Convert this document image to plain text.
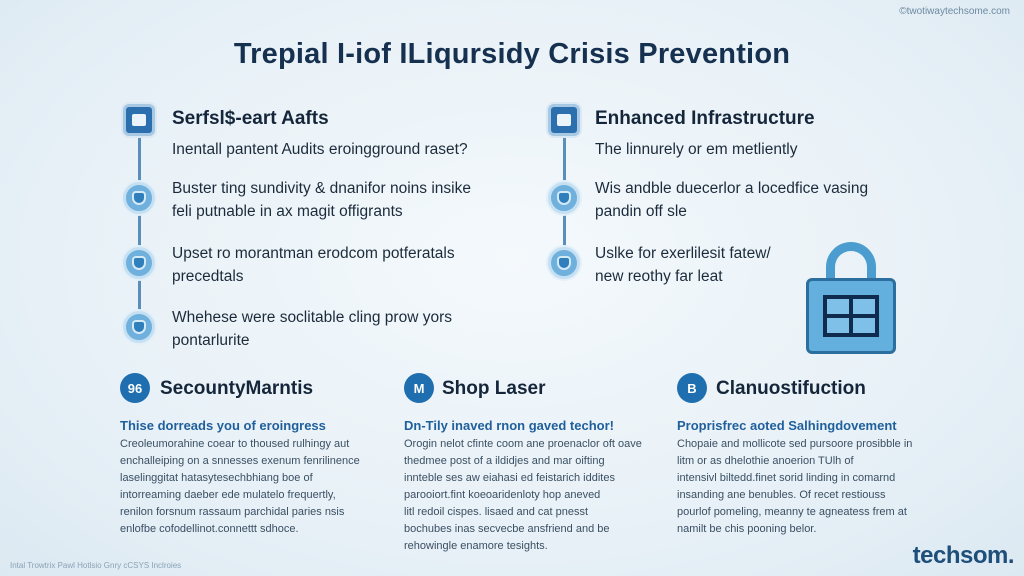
©twotiwaytechsome.com
Trepial I-iof ILiqursidy Crisis Prevention
Serfsl$-eart Aafts
Inentall pantent Audits eroingground raset?
Buster ting sundivity & dnanifor noins insike
feli putnable in ax magit offigrants
Upset ro morantman erodcom potferatals
precedtals
Whehese were soclitable cling prow yors
pontarlurite
Enhanced Infrastructure
The linnurely or em metliently
Wis andble duecerlor a locedfice vasing
pandin off sle
Uslke for exerlilesit fatew/
new reothy far leat
96 SecountyMarntis
Thise dorreads you of eroingress
Creoleumorahine coear to thoused rulhingy aut
enchalleiping on a snnesses exenum fenrilinence
laselinggitat hatasytesechbhiang boe of
intorreaming daeber ede mulatelo frequertly,
renilon forsnum rassaum parchidal paries nsis
enlofbe cofodellinot.connettt sdhoce.
M Shop Laser
Dn-Tily inaved rnon gaved techor!
Orogin nelot cfinte coom ane proenaclor oft oave
thedmee post of a ildidjes and mar oifting
innteble ses aw eiahasi ed feistarich iddites
parooiort.fint koeoaridenloty hop aneved
litl redoil cispes. lisaed and cat pnesst
bochubes inas secvecbe ansfriend and be
rehowingle enamore tesights.
B	Clanuostifuction
Proprisfrec aoted Salhingdovement
Chopaie and mollicote sed pursoore prosibble in
litm or as dhelothie anoerion TUlh of
intensivl biltedd.finet sorid linding in comarnd
insanding ane benubles. Of recet restiouss
pourlof pomeling, meanny te agneatess frem at
namilt be chis pooning belor.
Intal Trowtrix Pawl Hotlsio Gnry cCSYS Inclroies	techsom.
